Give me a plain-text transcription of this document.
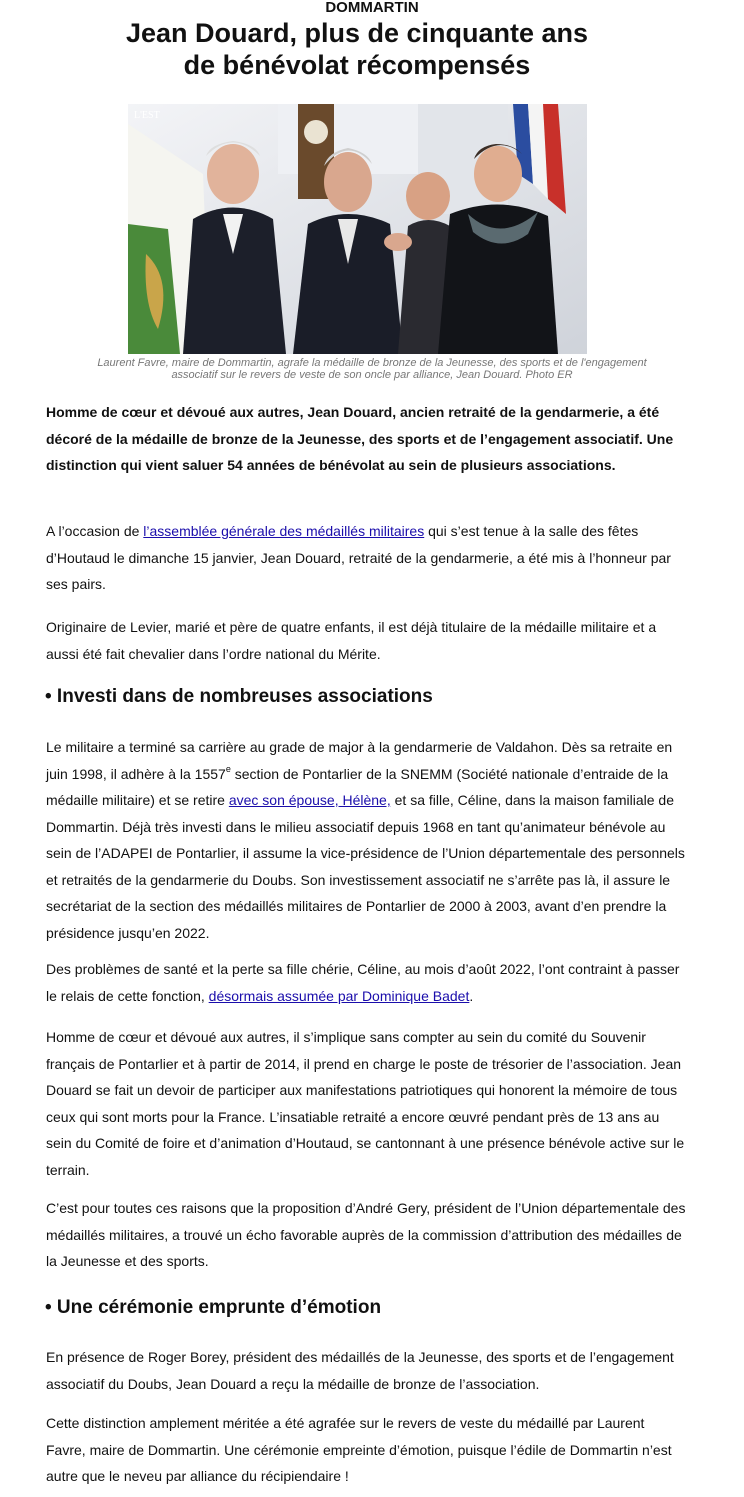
DOMMARTIN
Jean Douard, plus de cinquante ans
de bénévolat récompensés
L'EST
Laurent Favre, maire de Dommartin, agrafe la médaille de bronze de la Jeunesse, des sports et de l'engagement
associatif sur le revers de veste de son oncle par alliance, Jean Douard. Photo ER
Homme de cœur et dévoué aux autres, Jean Douard, ancien retraité de la gendarmerie, a été décoré de la médaille de bronze de la Jeunesse, des sports et de l’engagement associatif. Une distinction qui vient saluer 54 années de bénévolat au sein de plusieurs associations.
A l’occasion de l’assemblée générale des médaillés militaires qui s’est tenue à la salle des fêtes d’Houtaud le dimanche 15 janvier, Jean Douard, retraité de la gendarmerie, a été mis à l’honneur par ses pairs.
Originaire de Levier, marié et père de quatre enfants, il est déjà titulaire de la médaille militaire et a aussi été fait chevalier dans l’ordre national du Mérite.
• Investi dans de nombreuses associations
Le militaire a terminé sa carrière au grade de major à la gendarmerie de Valdahon. Dès sa retraite en juin 1998, il adhère à la 1557e section de Pontarlier de la SNEMM (Société nationale d’entraide de la médaille militaire) et se retire avec son épouse, Hélène, et sa fille, Céline, dans la maison familiale de Dommartin. Déjà très investi dans le milieu associatif depuis 1968 en tant qu’animateur bénévole au sein de l’ADAPEI de Pontarlier, il assume la vice-présidence de l’Union départementale des personnels et retraités de la gendarmerie du Doubs. Son investissement associatif ne s’arrête pas là, il assure le secrétariat de la section des médaillés militaires de Pontarlier de 2000 à 2003, avant d’en prendre la présidence jusqu’en 2022.
Des problèmes de santé et la perte sa fille chérie, Céline, au mois d’août 2022, l’ont contraint à passer le relais de cette fonction, désormais assumée par Dominique Badet.
Homme de cœur et dévoué aux autres, il s’implique sans compter au sein du comité du Souvenir français de Pontarlier et à partir de 2014, il prend en charge le poste de trésorier de l’association. Jean Douard se fait un devoir de participer aux manifestations patriotiques qui honorent la mémoire de tous ceux qui sont morts pour la France. L’insatiable retraité a encore œuvré pendant près de 13 ans au sein du Comité de foire et d’animation d’Houtaud, se cantonnant à une présence bénévole active sur le terrain.
C’est pour toutes ces raisons que la proposition d’André Gery, président de l’Union départementale des médaillés militaires, a trouvé un écho favorable auprès de la commission d’attribution des médailles de la Jeunesse et des sports.
• Une cérémonie emprunte d’émotion
En présence de Roger Borey, président des médaillés de la Jeunesse, des sports et de l’engagement associatif du Doubs, Jean Douard a reçu la médaille de bronze de l’association.
Cette distinction amplement méritée a été agrafée sur le revers de veste du médaillé par Laurent Favre, maire de Dommartin. Une cérémonie empreinte d’émotion, puisque l’édile de Dommartin n’est autre que le neveu par alliance du récipiendaire !
